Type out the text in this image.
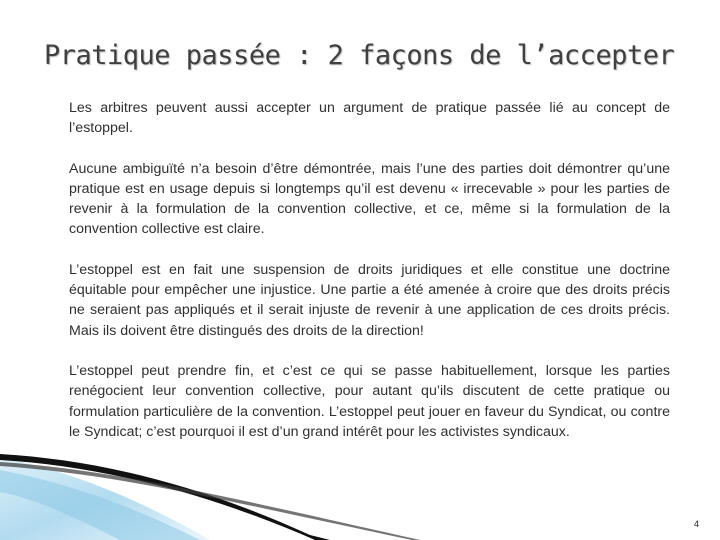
Pratique passée : 2 façons de l’accepter
Les arbitres peuvent aussi accepter un argument de pratique passée lié au concept de l’estoppel.
Aucune ambiguïté n’a besoin d’être démontrée, mais l’une des parties doit démontrer qu’une pratique est en usage depuis si longtemps qu’il est devenu « irrecevable » pour les parties de revenir à la formulation de la convention collective, et ce, même si la formulation de la convention collective est claire.
L’estoppel est en fait une suspension de droits juridiques et elle constitue une doctrine équitable pour empêcher une injustice. Une partie a été amenée à croire que des droits précis ne seraient pas appliqués et il serait injuste de revenir à une application de ces droits précis. Mais ils doivent être distingués des droits de la direction!
L’estoppel peut prendre fin, et c’est ce qui se passe habituellement, lorsque les parties renégocient leur convention collective, pour autant qu’ils discutent de cette pratique ou formulation particulière de la convention. L’estoppel peut jouer en faveur du Syndicat, ou contre le Syndicat; c’est pourquoi il est d’un grand intérêt pour les activistes syndicaux.
4
